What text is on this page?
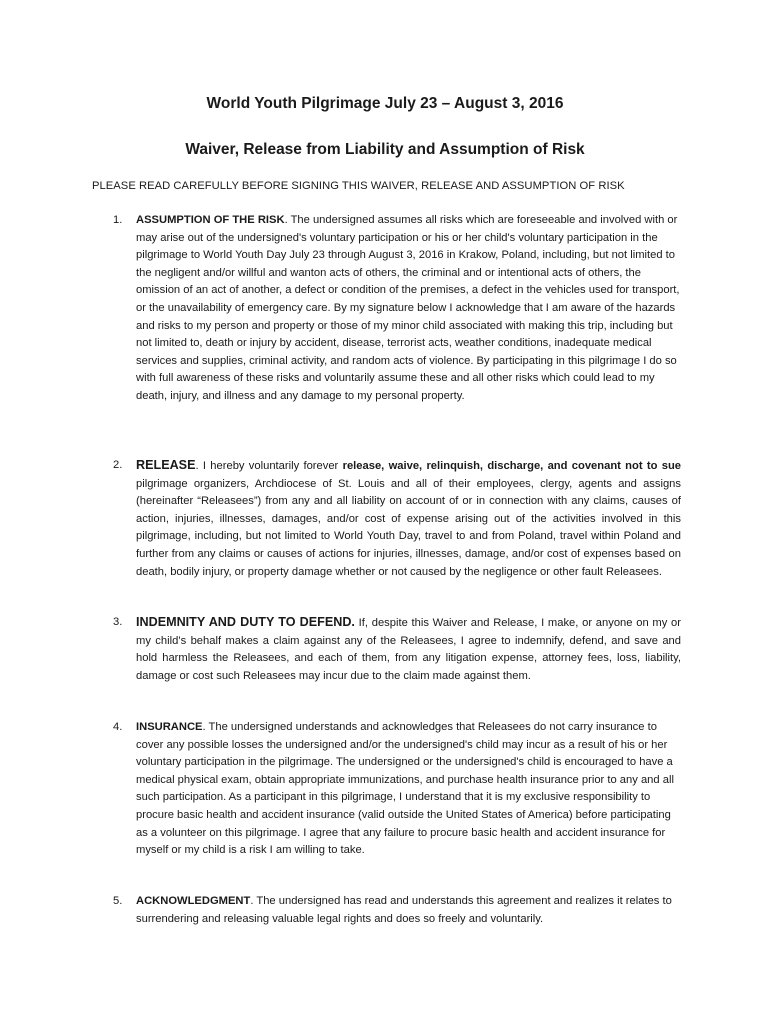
World Youth Pilgrimage July 23 – August 3, 2016
Waiver, Release from Liability and Assumption of Risk

PLEASE READ CAREFULLY BEFORE SIGNING THIS WAIVER, RELEASE AND ASSUMPTION OF RISK

1. ASSUMPTION OF THE RISK. The undersigned assumes all risks which are foreseeable and involved with or may arise out of the undersigned's voluntary participation or his or her child's voluntary participation in the pilgrimage to World Youth Day July 23 through August 3, 2016 in Krakow, Poland, including, but not limited to the negligent and/or willful and wanton acts of others, the criminal and or intentional acts of others, the omission of an act of another, a defect or condition of the premises, a defect in the vehicles used for transport, or the unavailability of emergency care. By my signature below I acknowledge that I am aware of the hazards and risks to my person and property or those of my minor child associated with making this trip, including but not limited to, death or injury by accident, disease, terrorist acts, weather conditions, inadequate medical services and supplies, criminal activity, and random acts of violence. By participating in this pilgrimage I do so with full awareness of these risks and voluntarily assume these and all other risks which could lead to my death, injury, and illness and any damage to my personal property.

2. RELEASE. I hereby voluntarily forever release, waive, relinquish, discharge, and covenant not to sue pilgrimage organizers, Archdiocese of St. Louis and all of their employees, clergy, agents and assigns (hereinafter “Releasees”) from any and all liability on account of or in connection with any claims, causes of action, injuries, illnesses, damages, and/or cost of expense arising out of the activities involved in this pilgrimage, including, but not limited to World Youth Day, travel to and from Poland, travel within Poland and further from any claims or causes of actions for injuries, illnesses, damage, and/or cost of expenses based on death, bodily injury, or property damage whether or not caused by the negligence or other fault Releasees.

3. INDEMNITY AND DUTY TO DEFEND. If, despite this Waiver and Release, I make, or anyone on my or my child’s behalf makes a claim against any of the Releasees, I agree to indemnify, defend, and save and hold harmless the Releasees, and each of them, from any litigation expense, attorney fees, loss, liability, damage or cost such Releasees may incur due to the claim made against them.

4. INSURANCE. The undersigned understands and acknowledges that Releasees do not carry insurance to cover any possible losses the undersigned and/or the undersigned's child may incur as a result of his or her voluntary participation in the pilgrimage. The undersigned or the undersigned's child is encouraged to have a medical physical exam, obtain appropriate immunizations, and purchase health insurance prior to any and all such participation. As a participant in this pilgrimage, I understand that it is my exclusive responsibility to procure basic health and accident insurance (valid outside the United States of America) before participating as a volunteer on this pilgrimage. I agree that any failure to procure basic health and accident insurance for myself or my child is a risk I am willing to take.

5. ACKNOWLEDGMENT. The undersigned has read and understands this agreement and realizes it relates to surrendering and releasing valuable legal rights and does so freely and voluntarily.
